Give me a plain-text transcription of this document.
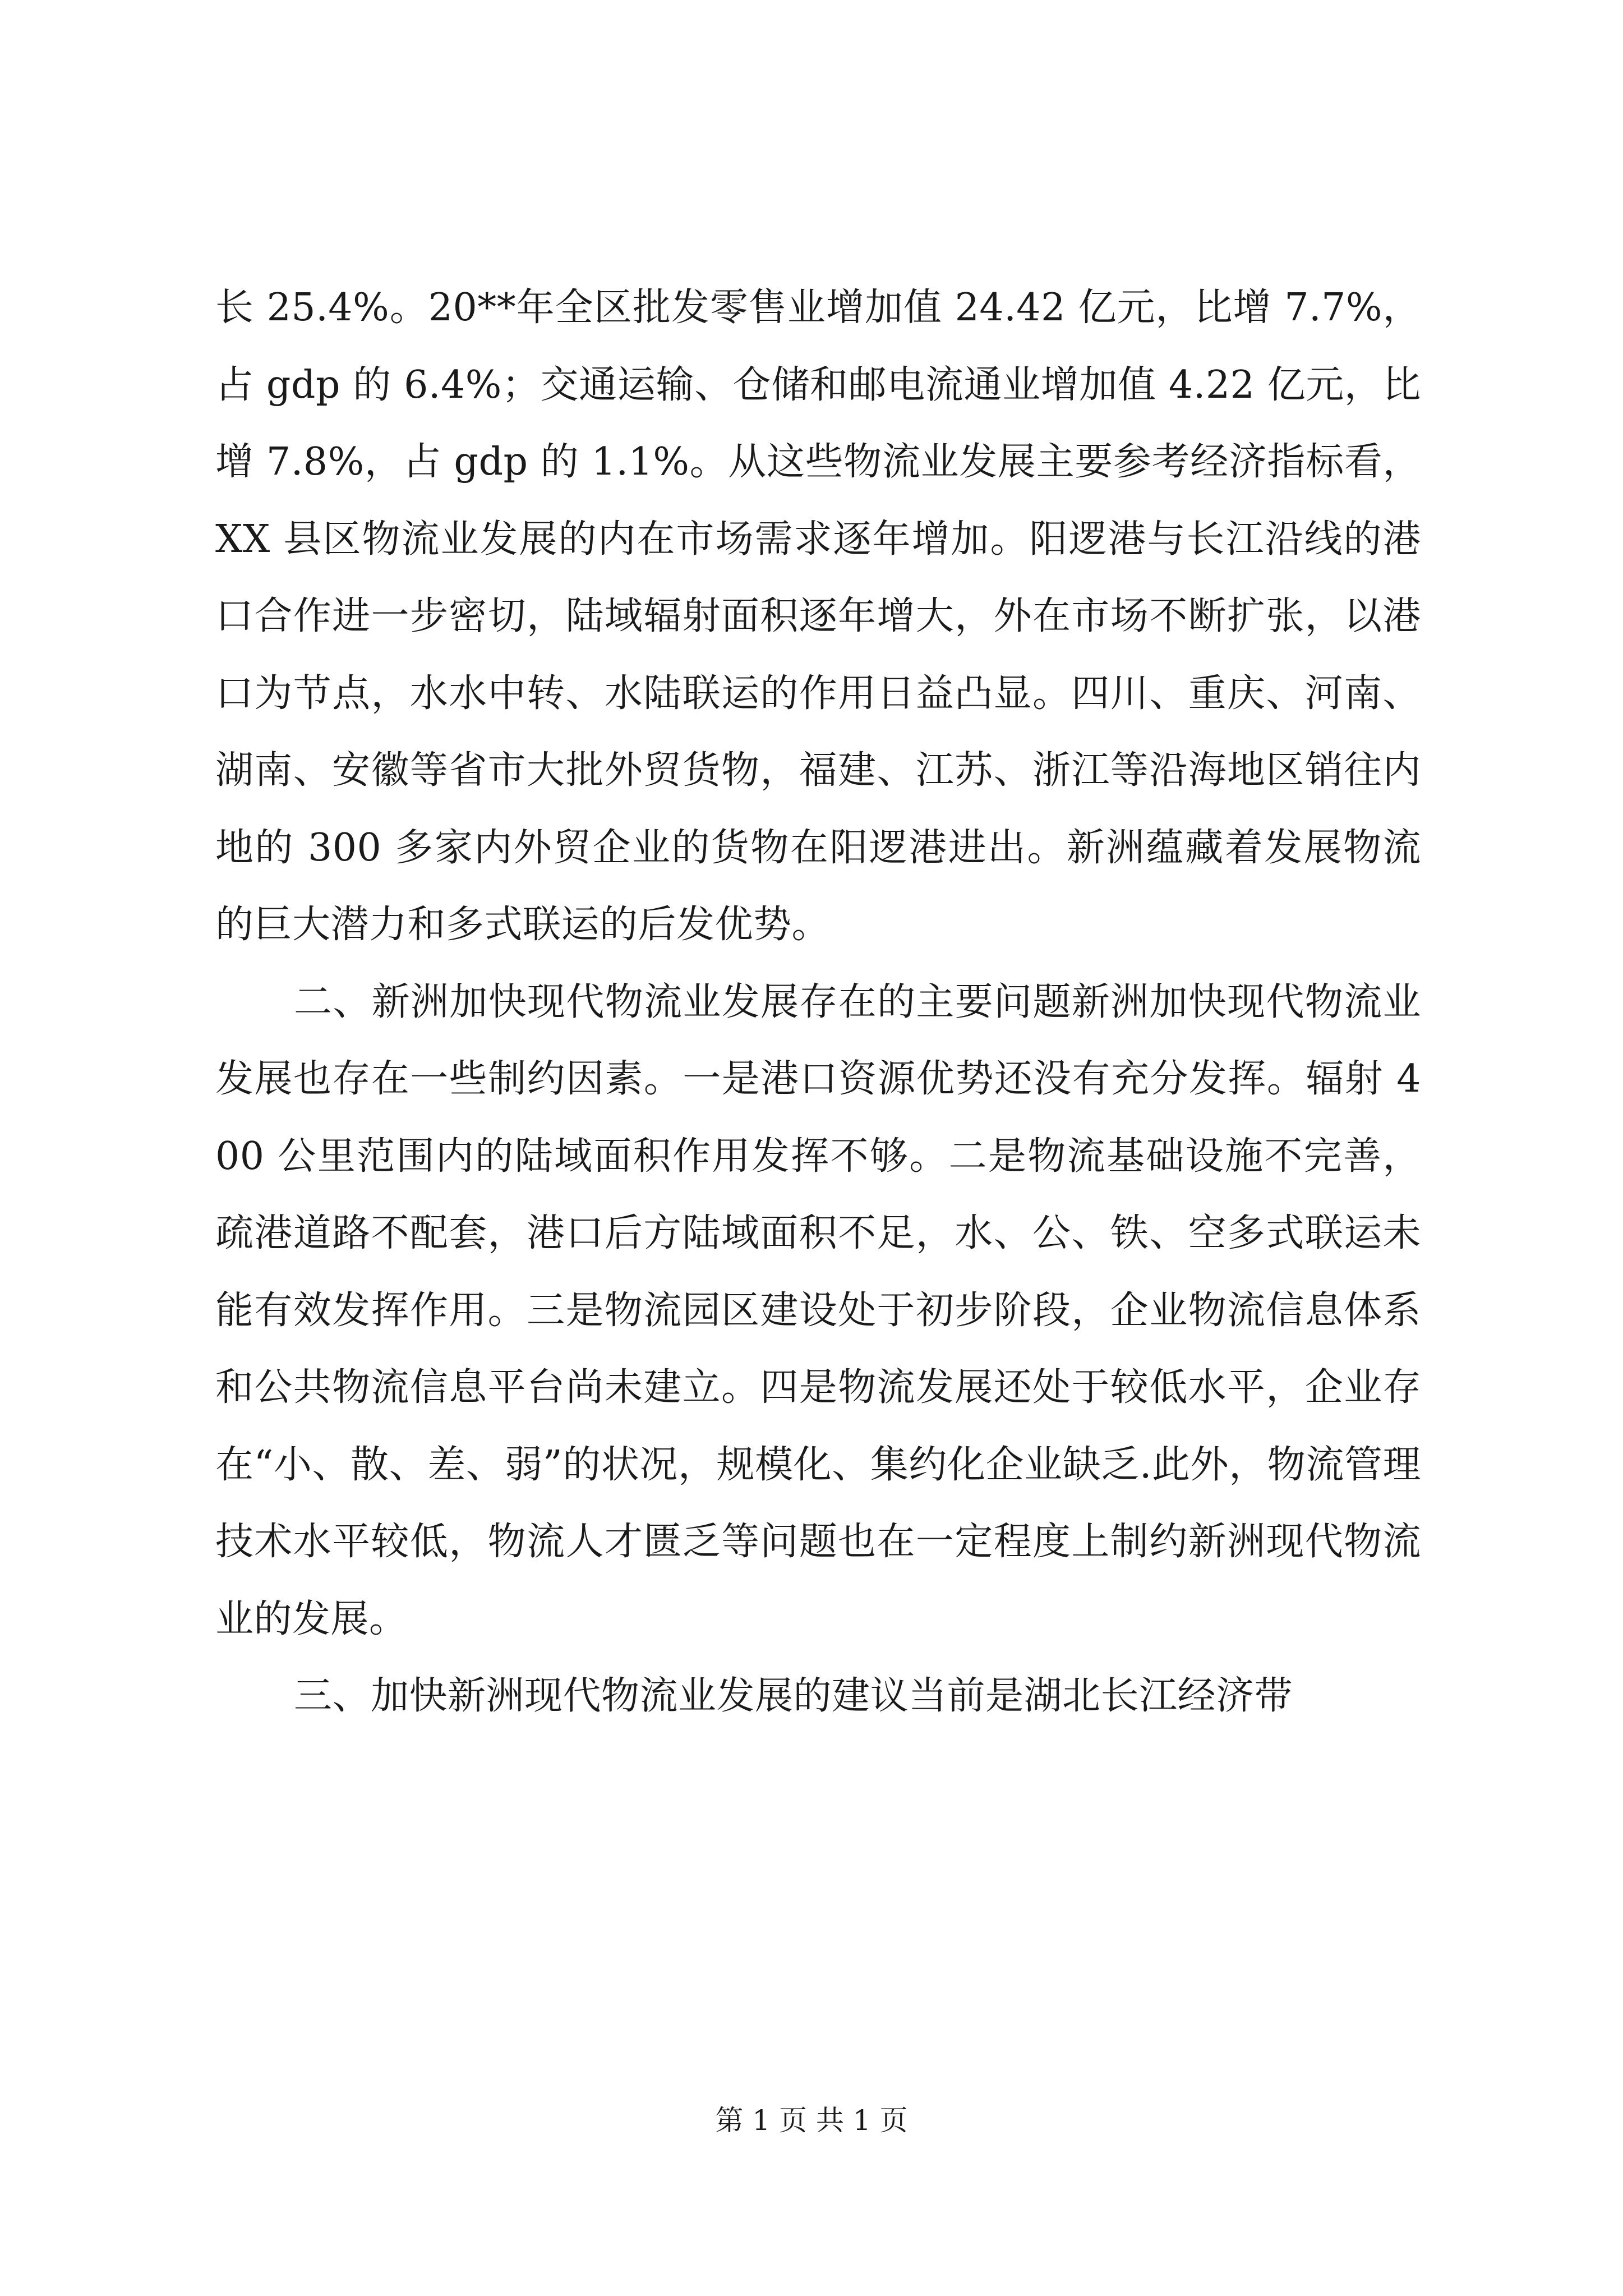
长 25.4%。20**年全区批发零售业增加值 24.42 亿元，比增 7.7%，占 gdp 的 6.4%；交通运输、仓储和邮电流通业增加值 4.22 亿元，比增 7.8%，占 gdp 的 1.1%。从这些物流业发展主要参考经济指标看，XX 县区物流业发展的内在市场需求逐年增加。阳逻港与长江沿线的港口合作进一步密切，陆域辐射面积逐年增大，外在市场不断扩张，以港口为节点，水水中转、水陆联运的作用日益凸显。四川、重庆、河南、湖南、安徽等省市大批外贸货物，福建、江苏、浙江等沿海地区销往内地的 300 多家内外贸企业的货物在阳逻港进出。新洲蕴藏着发展物流的巨大潜力和多式联运的后发优势。

二、新洲加快现代物流业发展存在的主要问题新洲加快现代物流业发展也存在一些制约因素。一是港口资源优势还没有充分发挥。辐射 400 公里范围内的陆域面积作用发挥不够。二是物流基础设施不完善，疏港道路不配套，港口后方陆域面积不足，水、公、铁、空多式联运未能有效发挥作用。三是物流园区建设处于初步阶段，企业物流信息体系和公共物流信息平台尚未建立。四是物流发展还处于较低水平，企业存在“小、散、差、弱”的状况，规模化、集约化企业缺乏.此外，物流管理技术水平较低，物流人才匮乏等问题也在一定程度上制约新洲现代物流业的发展。

三、加快新洲现代物流业发展的建议当前是湖北长江经济带

第 1 页 共 1 页
